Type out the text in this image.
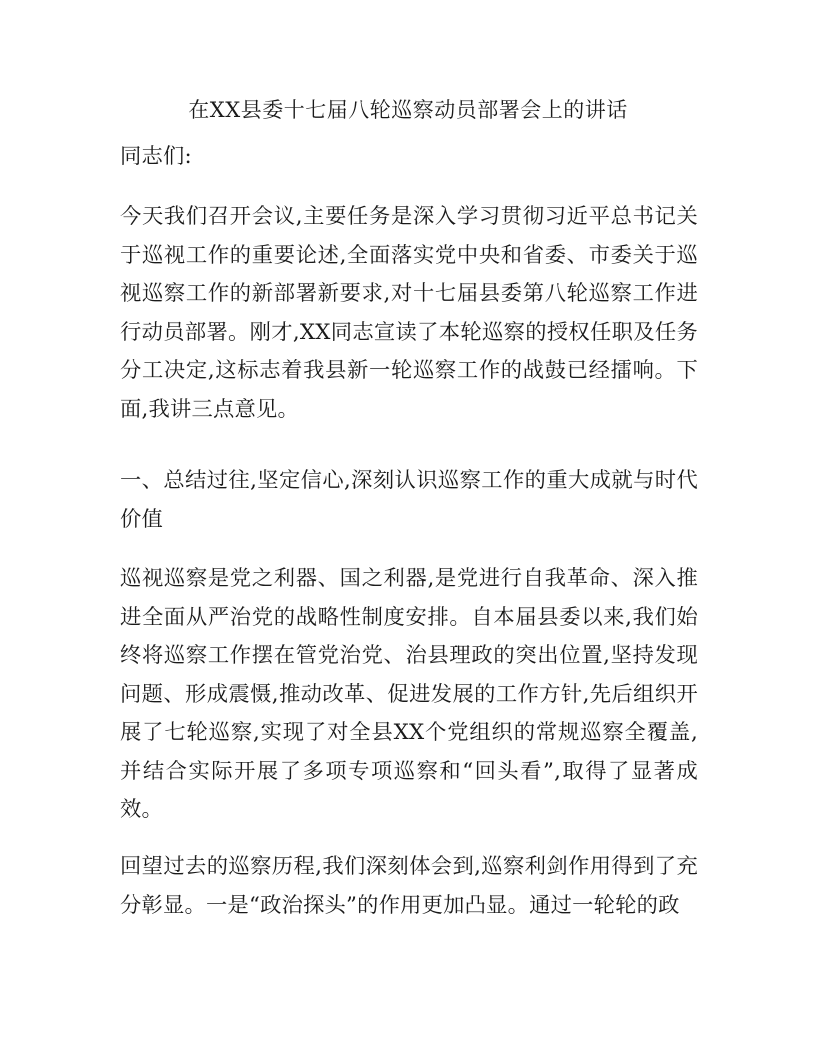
在XX县委十七届八轮巡察动员部署会上的讲话

同志们:

今天我们召开会议,主要任务是深入学习贯彻习近平总书记关于巡视工作的重要论述,全面落实党中央和省委、市委关于巡视巡察工作的新部署新要求,对十七届县委第八轮巡察工作进行动员部署。刚才,XX同志宣读了本轮巡察的授权任职及任务分工决定,这标志着我县新一轮巡察工作的战鼓已经擂响。下面,我讲三点意见。

一、总结过往,坚定信心,深刻认识巡察工作的重大成就与时代价值

巡视巡察是党之利器、国之利器,是党进行自我革命、深入推进全面从严治党的战略性制度安排。自本届县委以来,我们始终将巡察工作摆在管党治党、治县理政的突出位置,坚持发现问题、形成震慑,推动改革、促进发展的工作方针,先后组织开展了七轮巡察,实现了对全县XX个党组织的常规巡察全覆盖,并结合实际开展了多项专项巡察和“回头看”,取得了显著成效。

回望过去的巡察历程,我们深刻体会到,巡察利剑作用得到了充分彰显。一是“政治探头”的作用更加凸显。通过一轮轮的政
